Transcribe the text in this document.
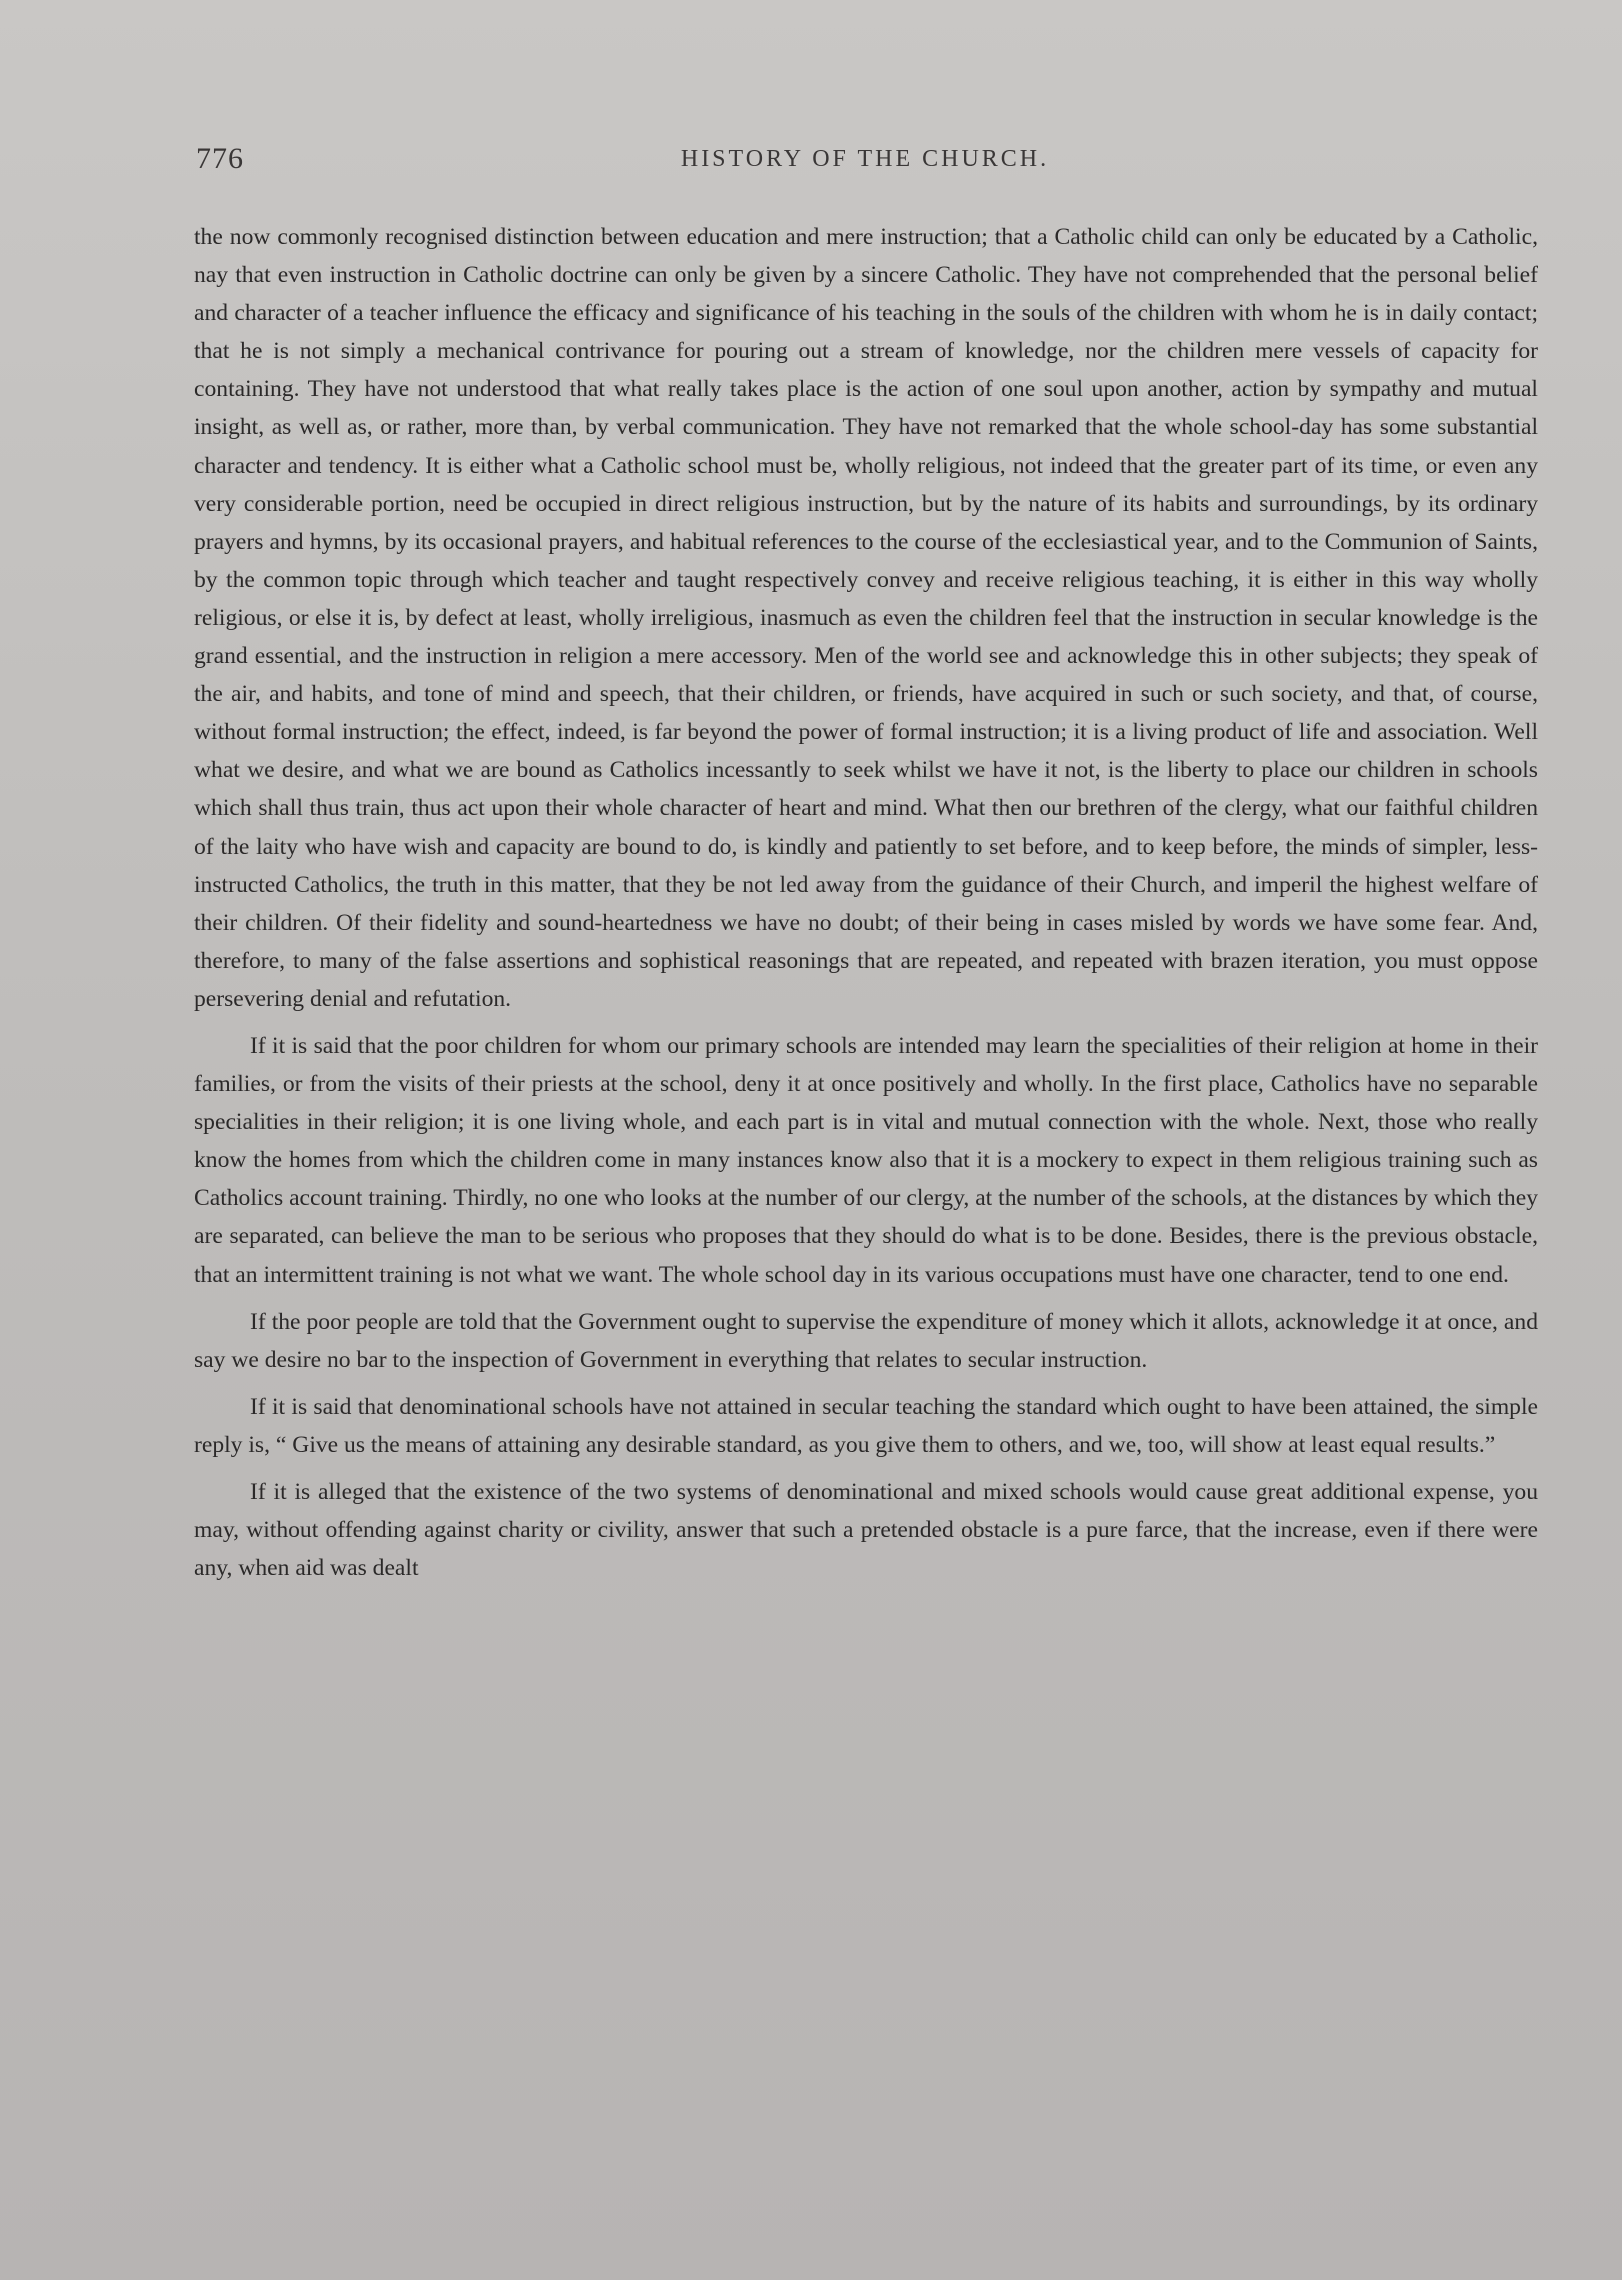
776	HISTORY OF THE CHURCH.

the now commonly recognised distinction between education and mere instruction; that a Catholic child can only be educated by a Catholic, nay that even instruction in Catholic doctrine can only be given by a sincere Catholic. They have not comprehended that the personal belief and character of a teacher influence the efficacy and significance of his teaching in the souls of the children with whom he is in daily contact; that he is not simply a mechanical contrivance for pouring out a stream of knowledge, nor the children mere vessels of capacity for containing. They have not understood that what really takes place is the action of one soul upon another, action by sympathy and mutual insight, as well as, or rather, more than, by verbal communication. They have not remarked that the whole school-day has some substantial character and tendency. It is either what a Catholic school must be, wholly religious, not indeed that the greater part of its time, or even any very considerable portion, need be occupied in direct religious instruction, but by the nature of its habits and surroundings, by its ordinary prayers and hymns, by its occasional prayers, and habitual references to the course of the ecclesiastical year, and to the Communion of Saints, by the common topic through which teacher and taught respectively convey and receive religious teaching, it is either in this way wholly religious, or else it is, by defect at least, wholly irreligious, inasmuch as even the children feel that the instruction in secular knowledge is the grand essential, and the instruction in religion a mere accessory. Men of the world see and acknowledge this in other subjects; they speak of the air, and habits, and tone of mind and speech, that their children, or friends, have acquired in such or such society, and that, of course, without formal instruction; the effect, indeed, is far beyond the power of formal instruction; it is a living product of life and association. Well what we desire, and what we are bound as Catholics incessantly to seek whilst we have it not, is the liberty to place our children in schools which shall thus train, thus act upon their whole character of heart and mind. What then our brethren of the clergy, what our faithful children of the laity who have wish and capacity are bound to do, is kindly and patiently to set before, and to keep before, the minds of simpler, less-instructed Catholics, the truth in this matter, that they be not led away from the guidance of their Church, and imperil the highest welfare of their children. Of their fidelity and sound-heartedness we have no doubt; of their being in cases misled by words we have some fear. And, therefore, to many of the false assertions and sophistical reasonings that are repeated, and repeated with brazen iteration, you must oppose persevering denial and refutation.

If it is said that the poor children for whom our primary schools are intended may learn the specialities of their religion at home in their families, or from the visits of their priests at the school, deny it at once positively and wholly. In the first place, Catholics have no separable specialities in their religion; it is one living whole, and each part is in vital and mutual connection with the whole. Next, those who really know the homes from which the children come in many instances know also that it is a mockery to expect in them religious training such as Catholics account training. Thirdly, no one who looks at the number of our clergy, at the number of the schools, at the distances by which they are separated, can believe the man to be serious who proposes that they should do what is to be done. Besides, there is the previous obstacle, that an intermittent training is not what we want. The whole school day in its various occupations must have one character, tend to one end.

If the poor people are told that the Government ought to supervise the expenditure of money which it allots, acknowledge it at once, and say we desire no bar to the inspection of Government in everything that relates to secular instruction.

If it is said that denominational schools have not attained in secular teaching the standard which ought to have been attained, the simple reply is, “ Give us the means of attaining any desirable standard, as you give them to others, and we, too, will show at least equal results.”

If it is alleged that the existence of the two systems of denominational and mixed schools would cause great additional expense, you may, without offending against charity or civility, answer that such a pretended obstacle is a pure farce, that the increase, even if there were any, when aid was dealt
